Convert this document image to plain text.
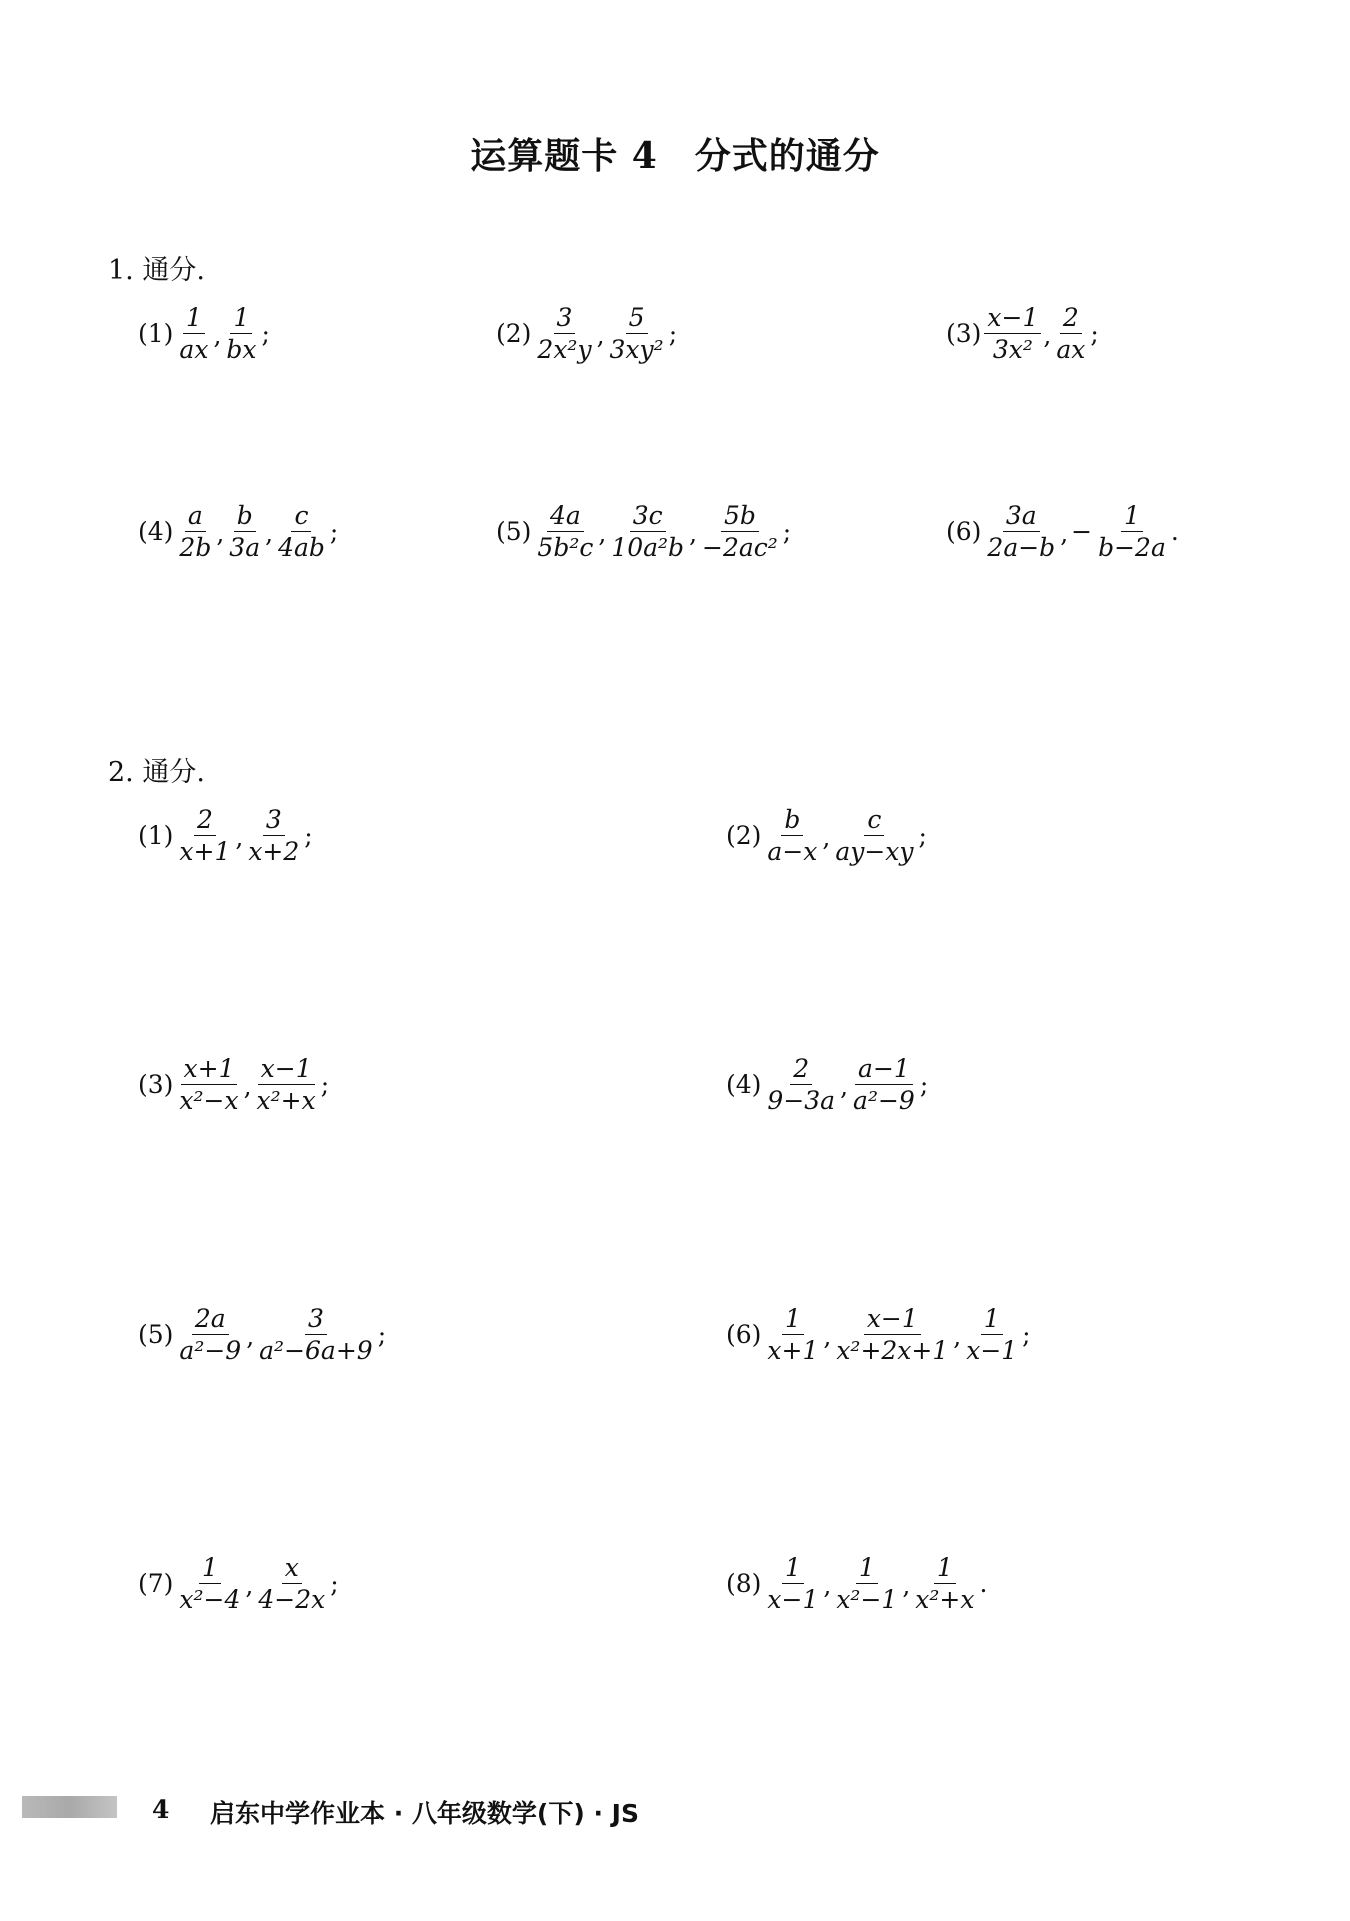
运算题卡 4　分式的通分
1. 通分.
$(1) \frac{1}{ax}$ , $\frac{1}{bx}$ ;	$(2) \frac{3}{\text{2x²y}}$ , $\frac{5}{\text{3xy²}}$ ;	$(3) \frac{x-1}{\text{3x²}}$ , $\frac{2}{ax}$ ;
$(4) \frac{a}{2b}$ , $\frac{b}{3a}$ , $\frac{c}{4ab}$ ;	$(5) \frac{4a}{\text{5b²c}}$ , $\frac{3c}{\text{10a²b}}$ , $\frac{5b}{\text{−2ac²}}$ ;	$(6) \frac{3a}{2a-b}$ , − $\frac{1}{b-2a}$ .
2. 通分.
$(1) \frac{2}{x+1}$ , $\frac{3}{x+2}$ ;	$(2) \frac{b}{a-x}$ , $\frac{c}{ay-xy}$ ;
$(3) \frac{x+1}{\text{x²−x}}$ , $\frac{x-1}{\text{x²+x}}$ ;	$(4) \frac{2}{9-3a}$ , $\frac{a-1}{\text{a²−9}}$ ;
$(5) \frac{2a}{\text{a²−9}}$ , $\frac{3}{\text{a²−6a+9}}$ ;	$(6) \frac{1}{x+1}$ , $\frac{x-1}{\text{x²+2x+1}}$ , $\frac{1}{x-1}$ ;
$(7) \frac{1}{\text{x²−4}}$ , $\frac{x}{4-2x}$ ;	$(8) \frac{1}{x-1}$ , $\frac{1}{\text{x²−1}}$ , $\frac{1}{\text{x²+x}}$ .
4 启东中学作业本 · 八年级数学(下) · JS
